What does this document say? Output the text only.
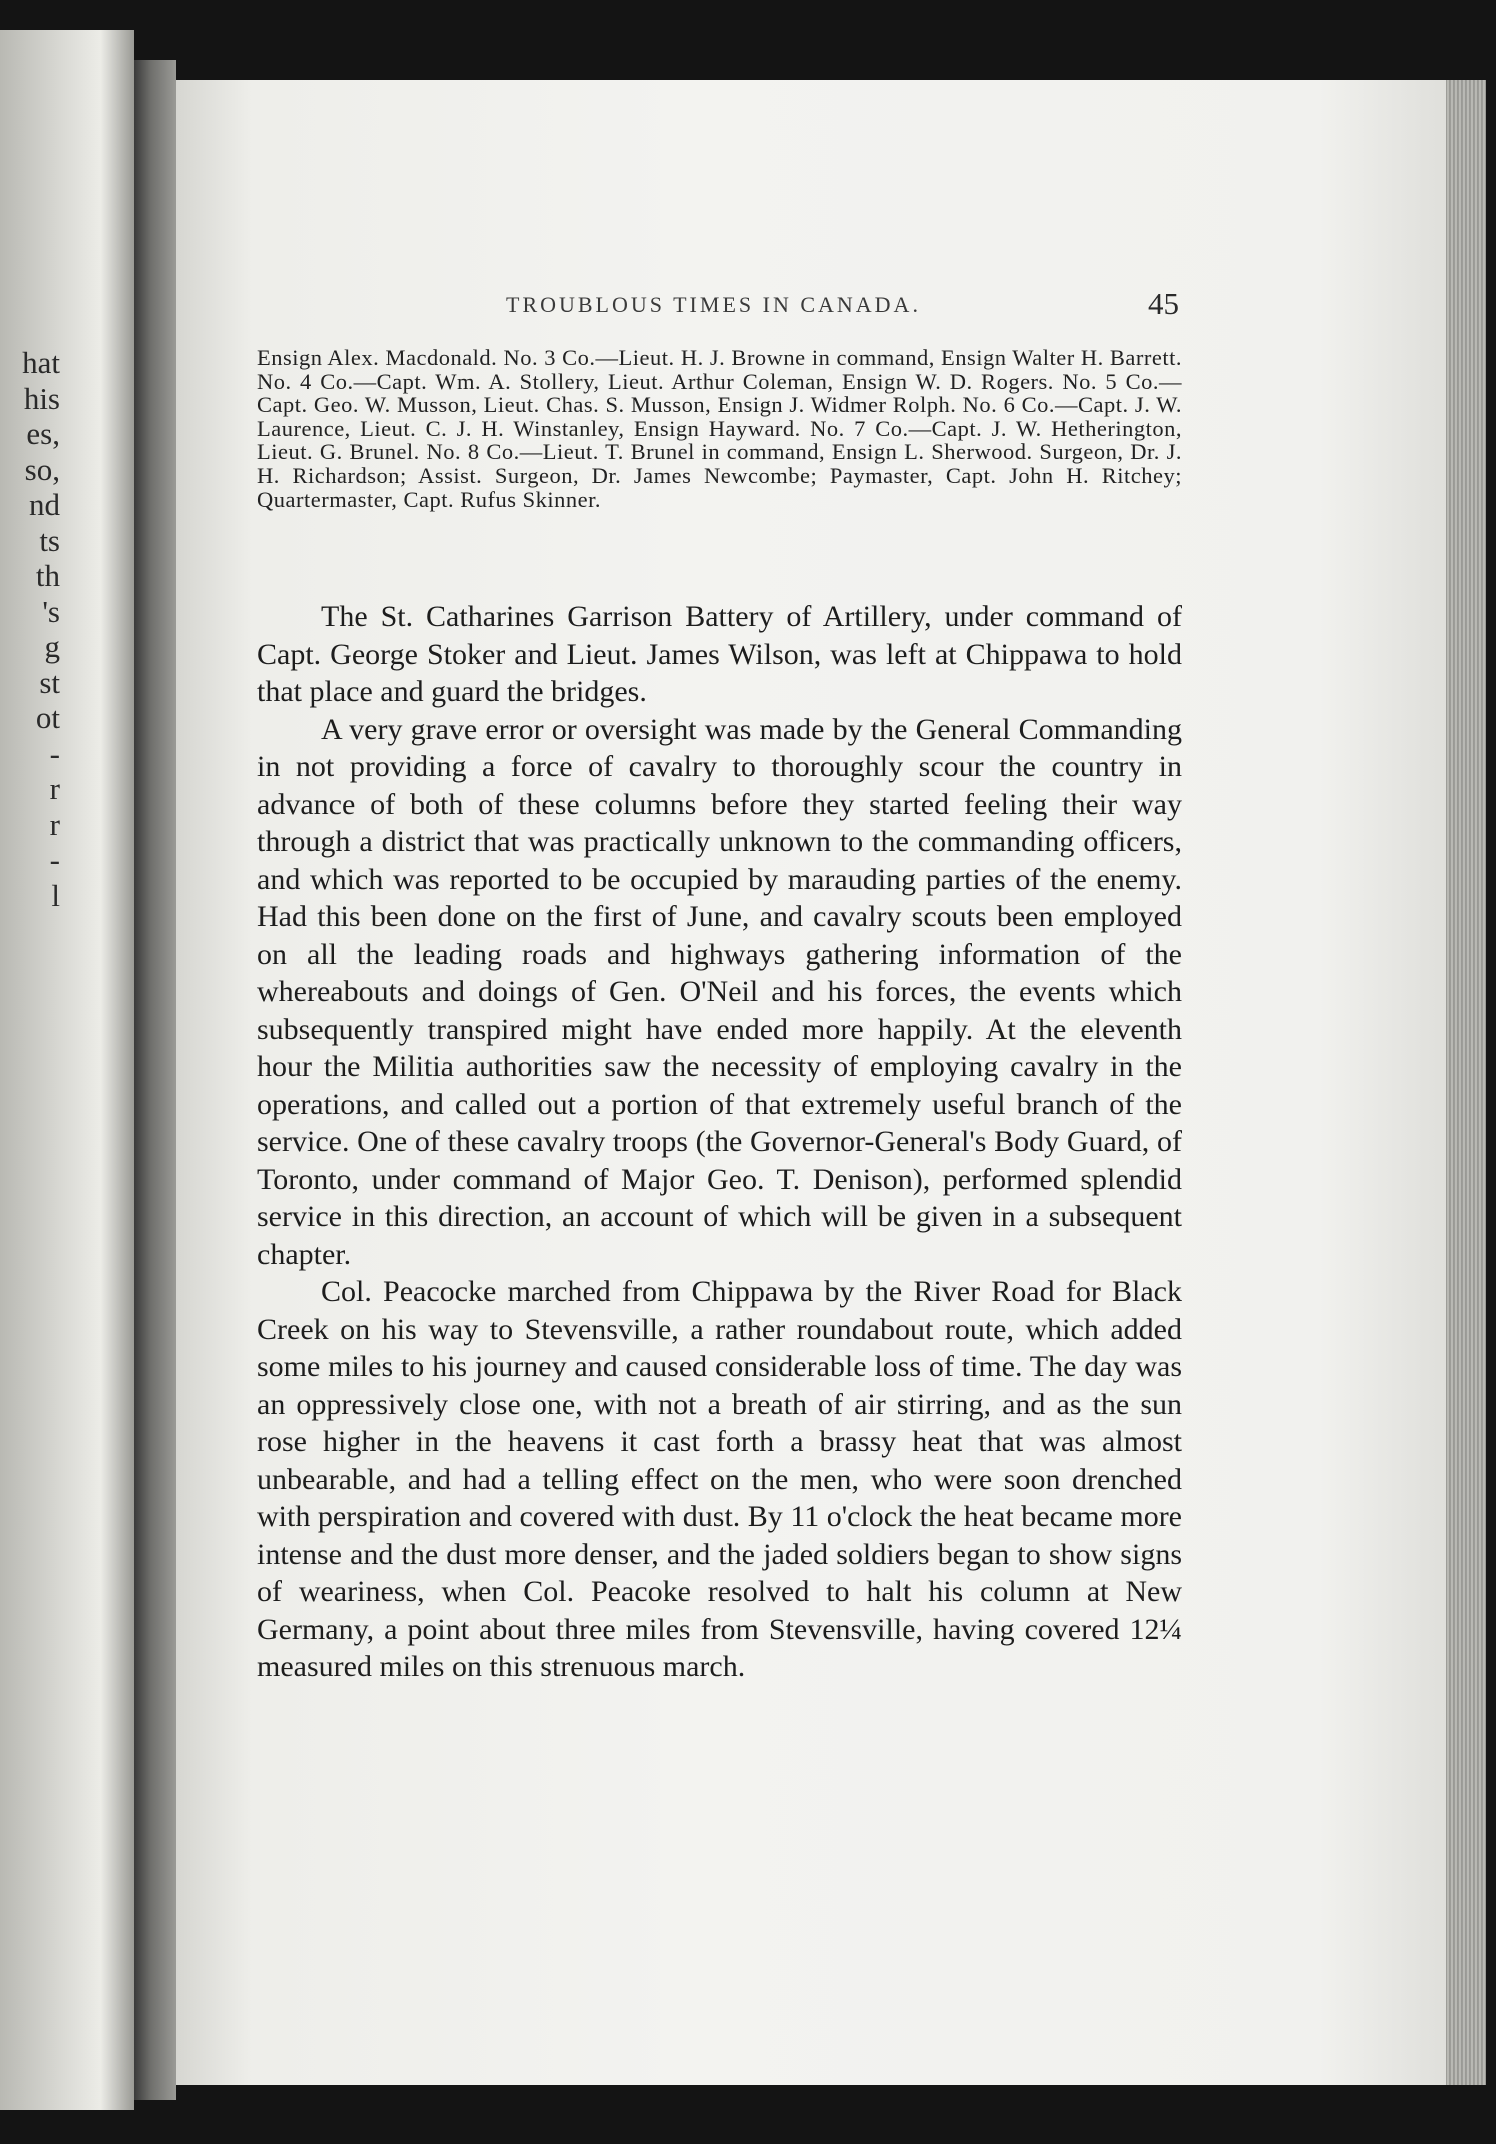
hat
his
es,
so,
nd
ts
th
's
g
st
ot
-
r
r
-
l
TROUBLOUS TIMES IN CANADA.	45
Ensign Alex. Macdonald. No. 3 Co.—Lieut. H. J. Browne in command, Ensign Walter H. Barrett. No. 4 Co.—Capt. Wm. A. Stollery, Lieut. Arthur Coleman, Ensign W. D. Rogers. No. 5 Co.—Capt. Geo. W. Musson, Lieut. Chas. S. Musson, Ensign J. Widmer Rolph. No. 6 Co.—Capt. J. W. Laurence, Lieut. C. J. H. Winstanley, Ensign Hayward. No. 7 Co.—Capt. J. W. Hetherington, Lieut. G. Brunel. No. 8 Co.—Lieut. T. Brunel in command, Ensign L. Sherwood. Surgeon, Dr. J. H. Richardson; Assist. Surgeon, Dr. James Newcombe; Paymaster, Capt. John H. Ritchey; Quartermaster, Capt. Rufus Skinner.

The St. Catharines Garrison Battery of Artillery, under command of Capt. George Stoker and Lieut. James Wilson, was left at Chippawa to hold that place and guard the bridges.

A very grave error or oversight was made by the General Commanding in not providing a force of cavalry to thoroughly scour the country in advance of both of these columns before they started feeling their way through a district that was practically unknown to the commanding officers, and which was reported to be occupied by marauding parties of the enemy. Had this been done on the first of June, and cavalry scouts been employed on all the leading roads and highways gathering information of the whereabouts and doings of Gen. O'Neil and his forces, the events which subsequently transpired might have ended more happily. At the eleventh hour the Militia authorities saw the necessity of employing cavalry in the operations, and called out a portion of that extremely useful branch of the service. One of these cavalry troops (the Governor-General's Body Guard, of Toronto, under command of Major Geo. T. Denison), performed splendid service in this direction, an account of which will be given in a subsequent chapter.

Col. Peacocke marched from Chippawa by the River Road for Black Creek on his way to Stevensville, a rather roundabout route, which added some miles to his journey and caused considerable loss of time. The day was an oppressively close one, with not a breath of air stirring, and as the sun rose higher in the heavens it cast forth a brassy heat that was almost unbearable, and had a telling effect on the men, who were soon drenched with perspiration and covered with dust. By 11 o'clock the heat became more intense and the dust more denser, and the jaded soldiers began to show signs of weariness, when Col. Peacoke resolved to halt his column at New Germany, a point about three miles from Stevensville, having covered 12¼ measured miles on this strenuous march.
